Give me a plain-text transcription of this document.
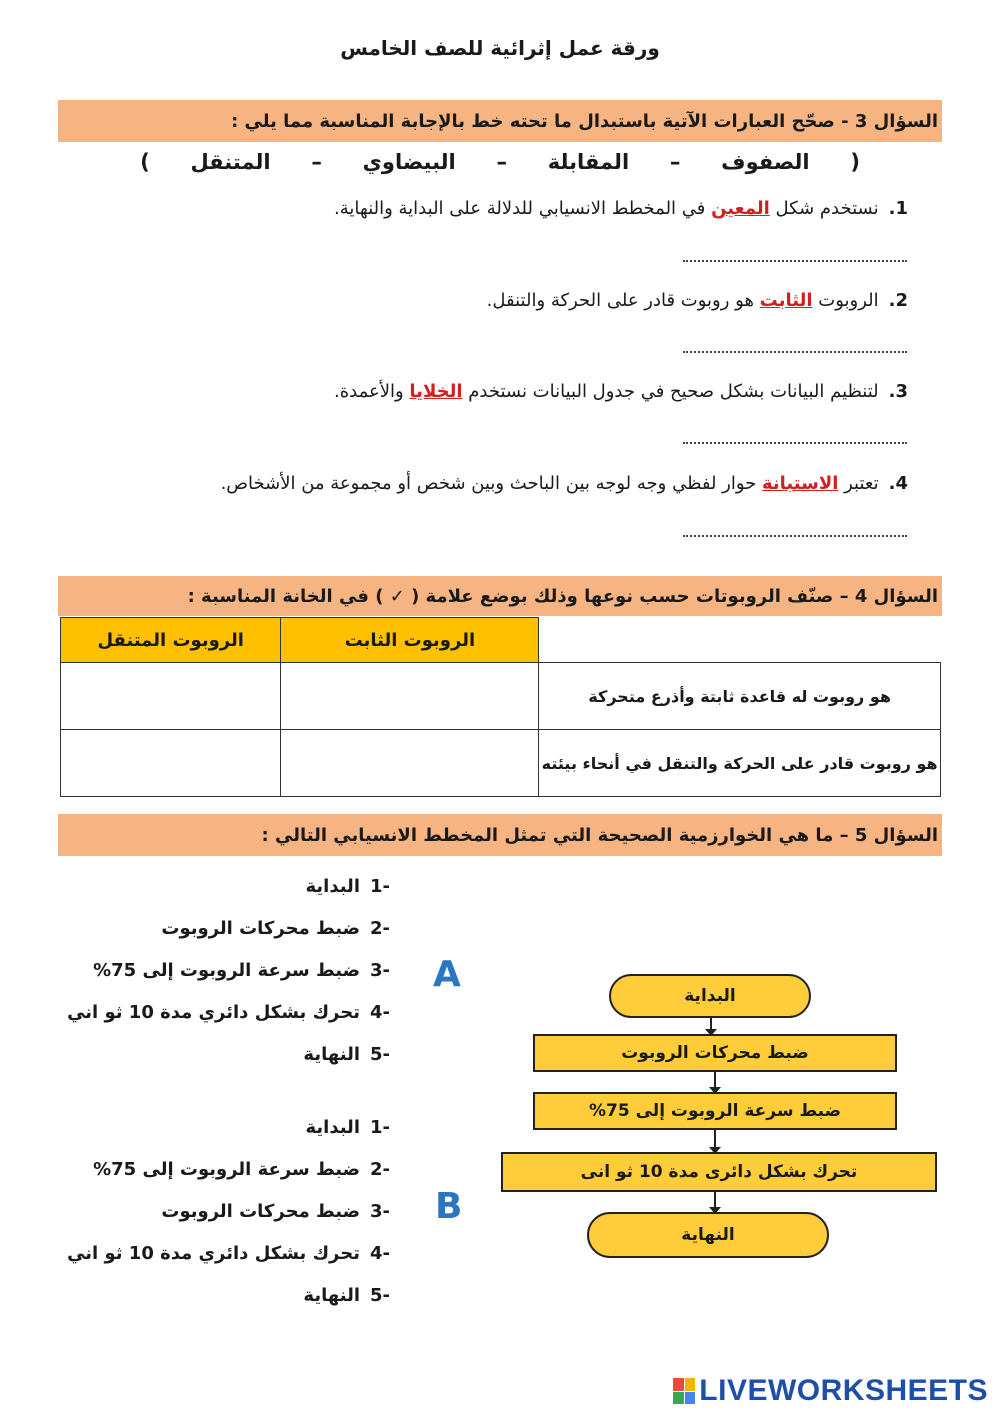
ورقة عمل إثرائية للصف الخامس
السؤال 3 - صحّح العبارات الآتية باستبدال ما تحته خط بالإجابة المناسبة مما يلي :
(
الصفوف
–
المقابلة
–
البيضاوي
–
المتنقل
)
1.نستخدم شكل المعين في المخطط الانسيابي للدلالة على البداية والنهاية.
2.الروبوت الثابت هو روبوت قادر على الحركة والتنقل.
3.لتنظيم البيانات بشكل صحيح في جدول البيانات نستخدم الخلايا والأعمدة.
4.تعتبر الاستبانة حوار لفظي وجه لوجه بين الباحث وبين شخص أو مجموعة من الأشخاص.
السؤال 4 – صنّف الروبوتات حسب نوعها وذلك بوضع علامة ( ✓ ) في الخانة المناسبة :
	الروبوت الثابت	الروبوت المتنقل
هو روبوت له قاعدة ثابتة وأذرع متحركة		
هو روبوت قادر على الحركة والتنقل في أنحاء بيئته		
السؤال 5 – ما هي الخوارزمية الصحيحة التي تمثل المخطط الانسيابي التالي :
A
-1البداية
-2ضبط محركات الروبوت
-3ضبط سرعة الروبوت إلى 75%
-4تحرك بشكل دائري مدة 10 ثو اني
-5النهاية
B
-1البداية
-2ضبط سرعة الروبوت إلى 75%
-3ضبط محركات الروبوت
-4تحرك بشكل دائري مدة 10 ثو اني
-5النهاية
البداية
ضبط محركات الروبوت
ضبط سرعة الروبوت إلى 75%
تحرك بشكل دائرى مدة 10 ثو انى
النهاية
LIVEWORKSHEETS
